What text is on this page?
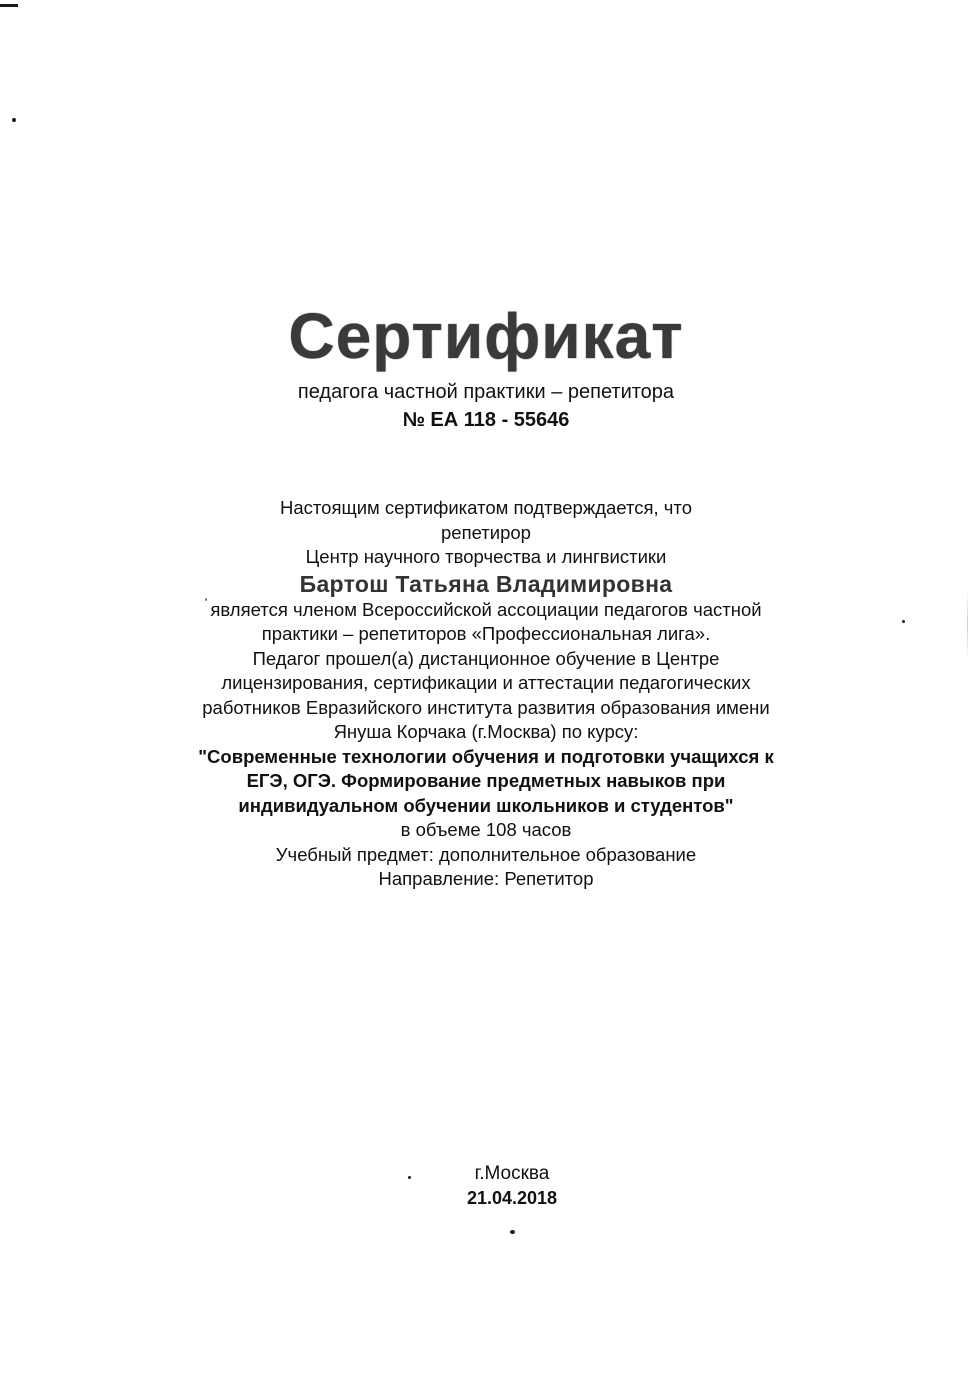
Сертификат
педагога частной практики – репетитора
№ ЕА 118 - 55646
Настоящим сертификатом подтверждается, что
репетирор
Центр научного творчества и лингвистики
Бартош Татьяна Владимировна
является членом Всероссийской ассоциации педагогов частной
практики – репетиторов «Профессиональная лига».
Педагог прошел(а) дистанционное обучение в Центре
лицензирования, сертификации и аттестации педагогических
работников Евразийского института развития образования имени
Януша Корчака (г.Москва) по курсу:
"Современные технологии обучения и подготовки учащихся к
ЕГЭ, ОГЭ. Формирование предметных навыков при
индивидуальном обучении школьников и студентов"
в объеме 108 часов
Учебный предмет: дополнительное образование
Направление: Репетитор
г.Москва
21.04.2018
